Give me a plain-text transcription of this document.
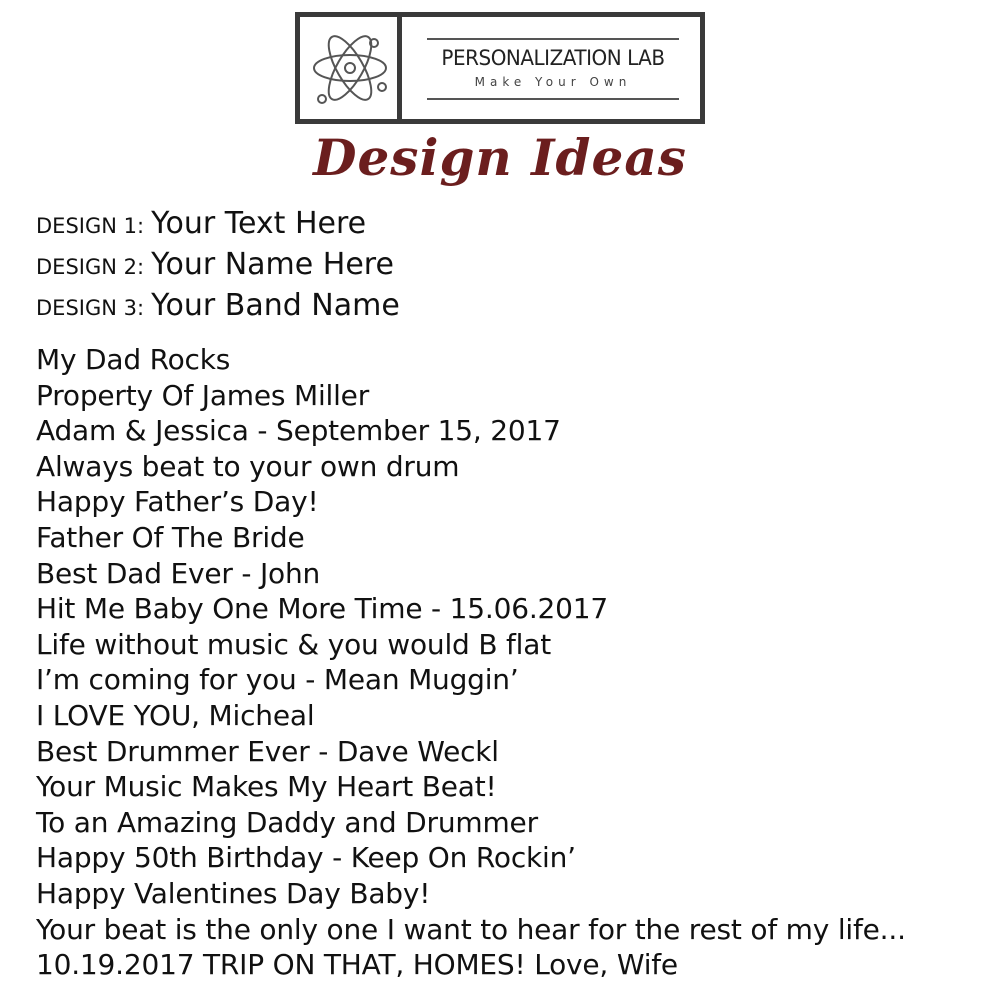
PERSONALIZATION LAB
Make Your Own
Design Ideas
DESIGN 1: Your Text Here
DESIGN 2: Your Name Here
DESIGN 3: Your Band Name
My Dad Rocks
Property Of James Miller
Adam & Jessica - September 15, 2017
Always beat to your own drum
Happy Father’s Day!
Father Of The Bride
Best Dad Ever - John
Hit Me Baby One More Time - 15.06.2017
Life without music & you would B flat
I’m coming for you - Mean Muggin’
I LOVE YOU, Micheal
Best Drummer Ever - Dave Weckl
Your Music Makes My Heart Beat!
To an Amazing Daddy and Drummer
Happy 50th Birthday - Keep On Rockin’
Happy Valentines Day Baby!
Your beat is the only one I want to hear for the rest of my life...
10.19.2017 TRIP ON THAT, HOMES! Love, Wife
